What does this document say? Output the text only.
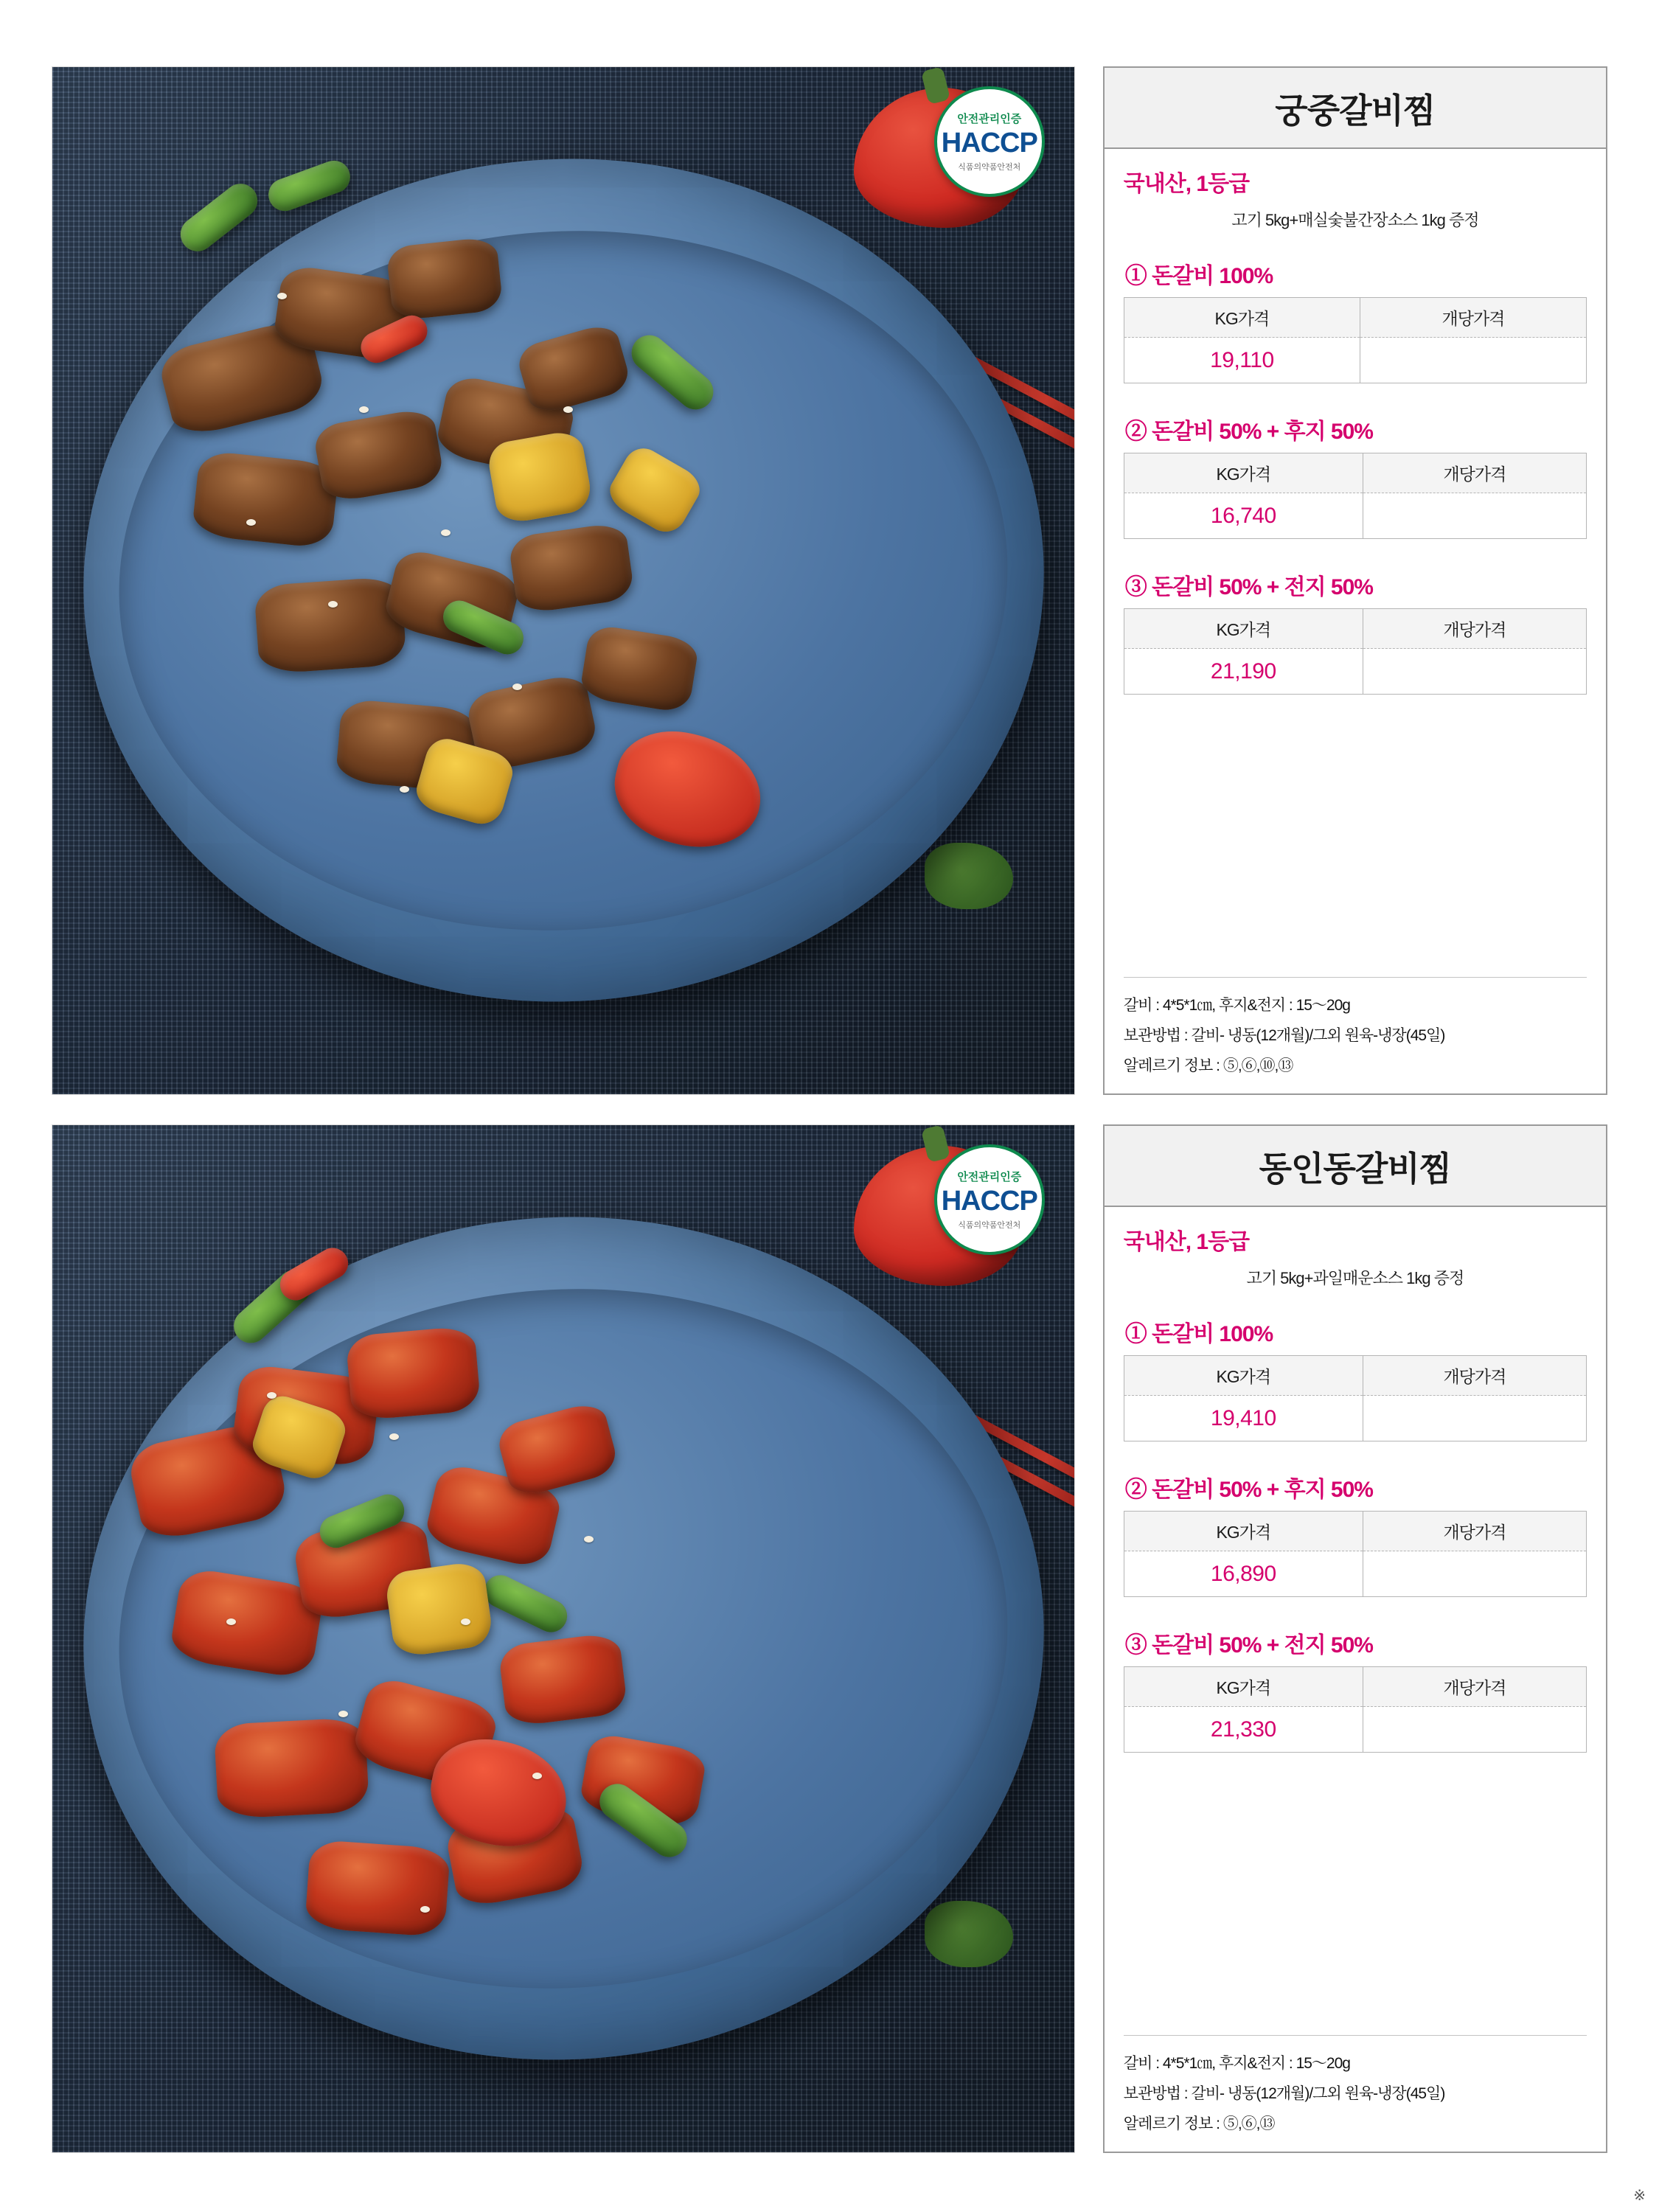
안전관리인증
HACCP
식품의약품안전처
궁중갈비찜
국내산, 1등급
고기 5kg+매실숯불간장소스 1kg 증정
① 돈갈비 100%
KG가격	개당가격
19,110	
② 돈갈비 50% + 후지 50%
KG가격	개당가격
16,740	
③ 돈갈비 50% + 전지 50%
KG가격	개당가격
21,190	
갈비 : 4*5*1㎝, 후지&전지 : 15～20g
보관방법 : 갈비- 냉동(12개월)/그외 원육-냉장(45일)
알레르기 정보 : ⑤,⑥,⑩,⑬
안전관리인증
HACCP
식품의약품안전처
동인동갈비찜
국내산, 1등급
고기 5kg+과일매운소스 1kg 증정
① 돈갈비 100%
KG가격	개당가격
19,410	
② 돈갈비 50% + 후지 50%
KG가격	개당가격
16,890	
③ 돈갈비 50% + 전지 50%
KG가격	개당가격
21,330	
갈비 : 4*5*1㎝, 후지&전지 : 15～20g
보관방법 : 갈비- 냉동(12개월)/그외 원육-냉장(45일)
알레르기 정보 : ⑤,⑥,⑬
※
